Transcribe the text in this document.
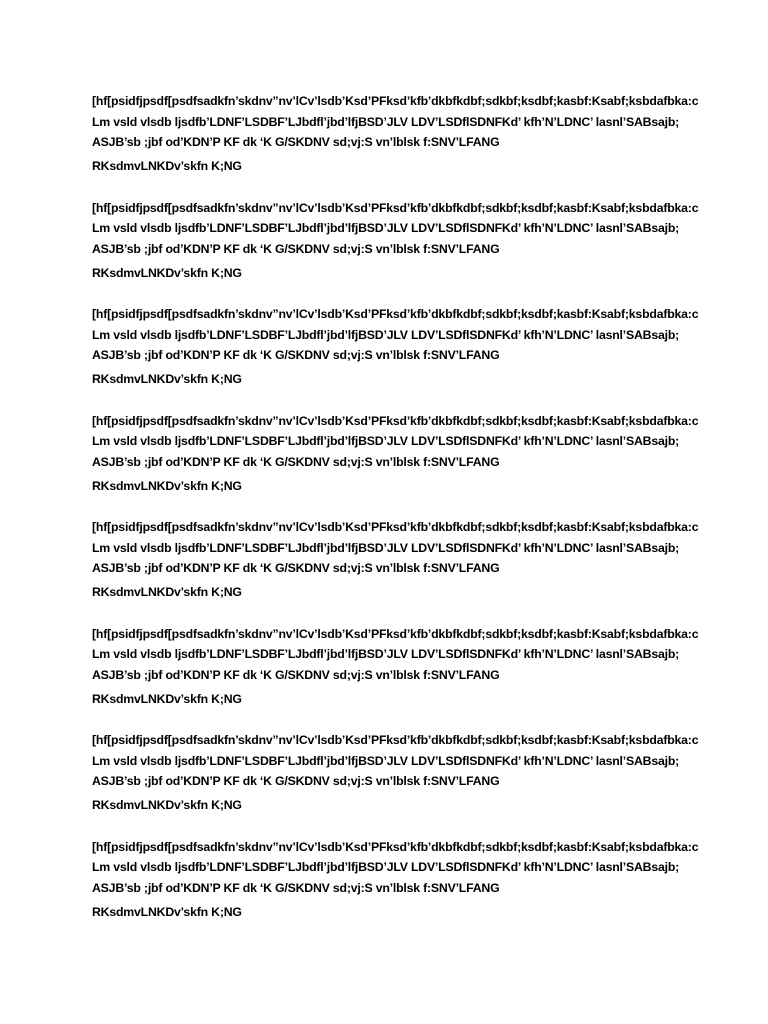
[hf[psidfjpsdf[psdfsadkfn’skdnv”nv’lCv’lsdb’Ksd’PFksd’kfb’dkbfkdbf;sdkbf;ksdbf;kasbf:Ksabf;ksbdafbka:c
Lm vsld vlsdb ljsdfb’LDNF’LSDBF’LJbdfl’jbd’lfjBSD’JLV LDV’LSDflSDNFKd’ kfh’N’LDNC’ lasnl’SABsajb;
ASJB’sb ;jbf od’KDN’P KF dk ‘K G/SKDNV sd;vj:S vn’lblsk f:SNV’LFANG
RKsdmvLNKDv’skfn K;NG
[hf[psidfjpsdf[psdfsadkfn’skdnv”nv’lCv’lsdb’Ksd’PFksd’kfb’dkbfkdbf;sdkbf;ksdbf;kasbf:Ksabf;ksbdafbka:c
Lm vsld vlsdb ljsdfb’LDNF’LSDBF’LJbdfl’jbd’lfjBSD’JLV LDV’LSDflSDNFKd’ kfh’N’LDNC’ lasnl’SABsajb;
ASJB’sb ;jbf od’KDN’P KF dk ‘K G/SKDNV sd;vj:S vn’lblsk f:SNV’LFANG
RKsdmvLNKDv’skfn K;NG
[hf[psidfjpsdf[psdfsadkfn’skdnv”nv’lCv’lsdb’Ksd’PFksd’kfb’dkbfkdbf;sdkbf;ksdbf;kasbf:Ksabf;ksbdafbka:c
Lm vsld vlsdb ljsdfb’LDNF’LSDBF’LJbdfl’jbd’lfjBSD’JLV LDV’LSDflSDNFKd’ kfh’N’LDNC’ lasnl’SABsajb;
ASJB’sb ;jbf od’KDN’P KF dk ‘K G/SKDNV sd;vj:S vn’lblsk f:SNV’LFANG
RKsdmvLNKDv’skfn K;NG
[hf[psidfjpsdf[psdfsadkfn’skdnv”nv’lCv’lsdb’Ksd’PFksd’kfb’dkbfkdbf;sdkbf;ksdbf;kasbf:Ksabf;ksbdafbka:c
Lm vsld vlsdb ljsdfb’LDNF’LSDBF’LJbdfl’jbd’lfjBSD’JLV LDV’LSDflSDNFKd’ kfh’N’LDNC’ lasnl’SABsajb;
ASJB’sb ;jbf od’KDN’P KF dk ‘K G/SKDNV sd;vj:S vn’lblsk f:SNV’LFANG
RKsdmvLNKDv’skfn K;NG
[hf[psidfjpsdf[psdfsadkfn’skdnv”nv’lCv’lsdb’Ksd’PFksd’kfb’dkbfkdbf;sdkbf;ksdbf;kasbf:Ksabf;ksbdafbka:c
Lm vsld vlsdb ljsdfb’LDNF’LSDBF’LJbdfl’jbd’lfjBSD’JLV LDV’LSDflSDNFKd’ kfh’N’LDNC’ lasnl’SABsajb;
ASJB’sb ;jbf od’KDN’P KF dk ‘K G/SKDNV sd;vj:S vn’lblsk f:SNV’LFANG
RKsdmvLNKDv’skfn K;NG
[hf[psidfjpsdf[psdfsadkfn’skdnv”nv’lCv’lsdb’Ksd’PFksd’kfb’dkbfkdbf;sdkbf;ksdbf;kasbf:Ksabf;ksbdafbka:c
Lm vsld vlsdb ljsdfb’LDNF’LSDBF’LJbdfl’jbd’lfjBSD’JLV LDV’LSDflSDNFKd’ kfh’N’LDNC’ lasnl’SABsajb;
ASJB’sb ;jbf od’KDN’P KF dk ‘K G/SKDNV sd;vj:S vn’lblsk f:SNV’LFANG
RKsdmvLNKDv’skfn K;NG
[hf[psidfjpsdf[psdfsadkfn’skdnv”nv’lCv’lsdb’Ksd’PFksd’kfb’dkbfkdbf;sdkbf;ksdbf;kasbf:Ksabf;ksbdafbka:c
Lm vsld vlsdb ljsdfb’LDNF’LSDBF’LJbdfl’jbd’lfjBSD’JLV LDV’LSDflSDNFKd’ kfh’N’LDNC’ lasnl’SABsajb;
ASJB’sb ;jbf od’KDN’P KF dk ‘K G/SKDNV sd;vj:S vn’lblsk f:SNV’LFANG
RKsdmvLNKDv’skfn K;NG
[hf[psidfjpsdf[psdfsadkfn’skdnv”nv’lCv’lsdb’Ksd’PFksd’kfb’dkbfkdbf;sdkbf;ksdbf;kasbf:Ksabf;ksbdafbka:c
Lm vsld vlsdb ljsdfb’LDNF’LSDBF’LJbdfl’jbd’lfjBSD’JLV LDV’LSDflSDNFKd’ kfh’N’LDNC’ lasnl’SABsajb;
ASJB’sb ;jbf od’KDN’P KF dk ‘K G/SKDNV sd;vj:S vn’lblsk f:SNV’LFANG
RKsdmvLNKDv’skfn K;NG
